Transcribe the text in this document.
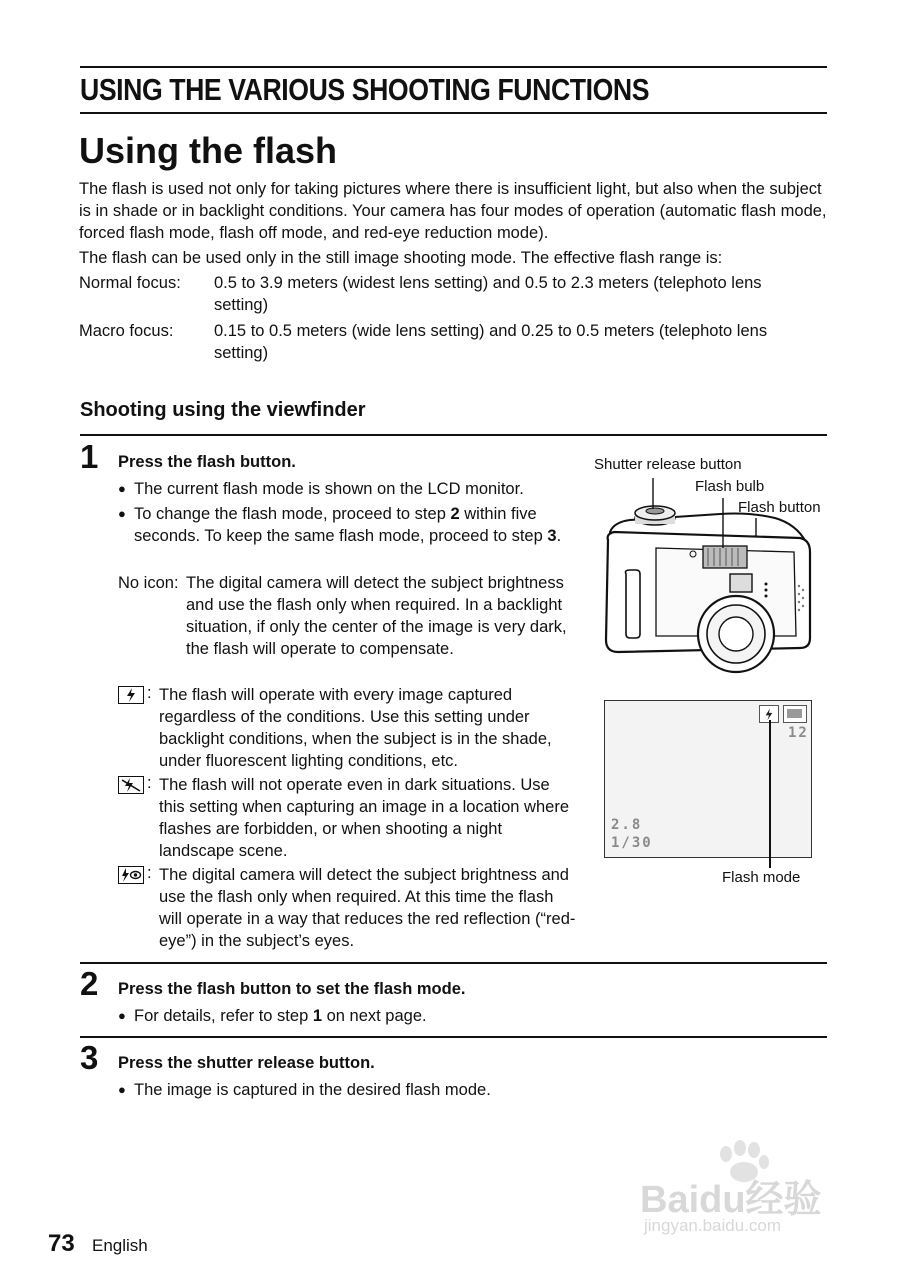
USING THE VARIOUS SHOOTING FUNCTIONS
Using the flash
The flash is used not only for taking pictures where there is insufficient light, but also when the subject is in shade or in backlight conditions. Your camera has four modes of operation (automatic flash mode, forced flash mode, flash off mode, and red-eye reduction mode).
The flash can be used only in the still image shooting mode. The effective flash range is:
Normal focus: 0.5 to 3.9 meters (widest lens setting) and 0.5 to 2.3 meters (telephoto lens setting)
Macro focus: 0.15 to 0.5 meters (wide lens setting) and 0.25 to 0.5 meters (telephoto lens setting)
Shooting using the viewfinder
1 Press the flash button.
● The current flash mode is shown on the LCD monitor.
● To change the flash mode, proceed to step 2 within five seconds. To keep the same flash mode, proceed to step 3.
No icon: The digital camera will detect the subject brightness and use the flash only when required. In a backlight situation, if only the center of the image is very dark, the flash will operate to compensate.
: The flash will operate with every image captured regardless of the conditions. Use this setting under backlight conditions, when the subject is in the shade, under fluorescent lighting conditions, etc.
: The flash will not operate even in dark situations. Use this setting when capturing an image in a location where flashes are forbidden, or when shooting a night landscape scene.
: The digital camera will detect the subject brightness and use the flash only when required. At this time the flash will operate in a way that reduces the red reflection (“red-eye”) in the subject’s eyes.
Shutter release button
Flash bulb
Flash button
12
2.8
1/30
Flash mode
2 Press the flash button to set the flash mode.
● For details, refer to step 1 on next page.
3 Press the shutter release button.
● The image is captured in the desired flash mode.
Baidu经验
jingyan.baidu.com
73 English
